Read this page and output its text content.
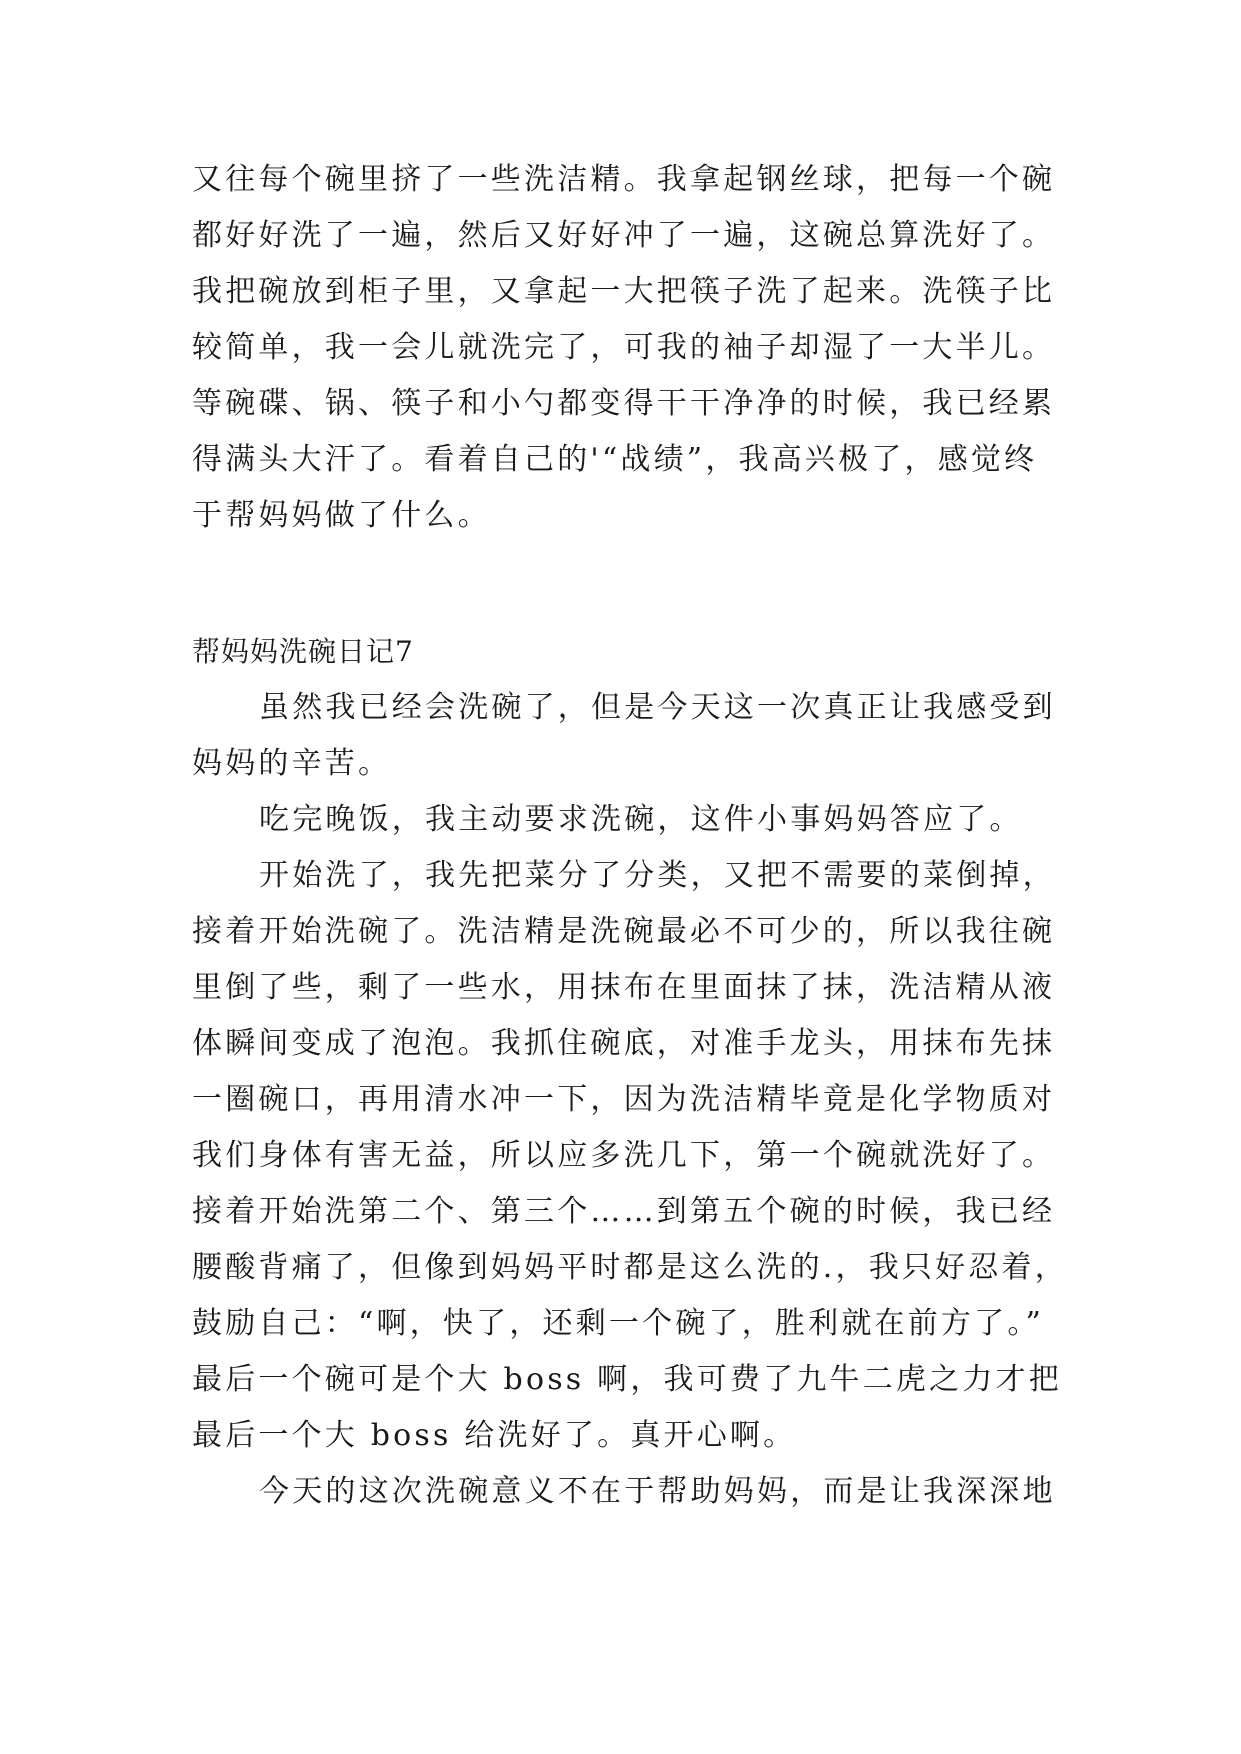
又往每个碗里挤了一些洗洁精。我拿起钢丝球，把每一个碗
都好好洗了一遍，然后又好好冲了一遍，这碗总算洗好了。
我把碗放到柜子里，又拿起一大把筷子洗了起来。洗筷子比
较简单，我一会儿就洗完了，可我的袖子却湿了一大半儿。
等碗碟、锅、筷子和小勺都变得干干净净的时候，我已经累
得满头大汗了。看着自己的'“战绩”，我高兴极了，感觉终
于帮妈妈做了什么。
帮妈妈洗碗日记7
虽然我已经会洗碗了，但是今天这一次真正让我感受到
妈妈的辛苦。
吃完晚饭，我主动要求洗碗，这件小事妈妈答应了。
开始洗了，我先把菜分了分类，又把不需要的菜倒掉，
接着开始洗碗了。洗洁精是洗碗最必不可少的，所以我往碗
里倒了些，剩了一些水，用抹布在里面抹了抹，洗洁精从液
体瞬间变成了泡泡。我抓住碗底，对准手龙头，用抹布先抹
一圈碗口，再用清水冲一下，因为洗洁精毕竟是化学物质对
我们身体有害无益，所以应多洗几下，第一个碗就洗好了。
接着开始洗第二个、第三个……到第五个碗的时候，我已经
腰酸背痛了，但像到妈妈平时都是这么洗的.，我只好忍着，
鼓励自己：“啊，快了，还剩一个碗了，胜利就在前方了。”
最后一个碗可是个大 boss 啊，我可费了九牛二虎之力才把
最后一个大 boss 给洗好了。真开心啊。
今天的这次洗碗意义不在于帮助妈妈，而是让我深深地
